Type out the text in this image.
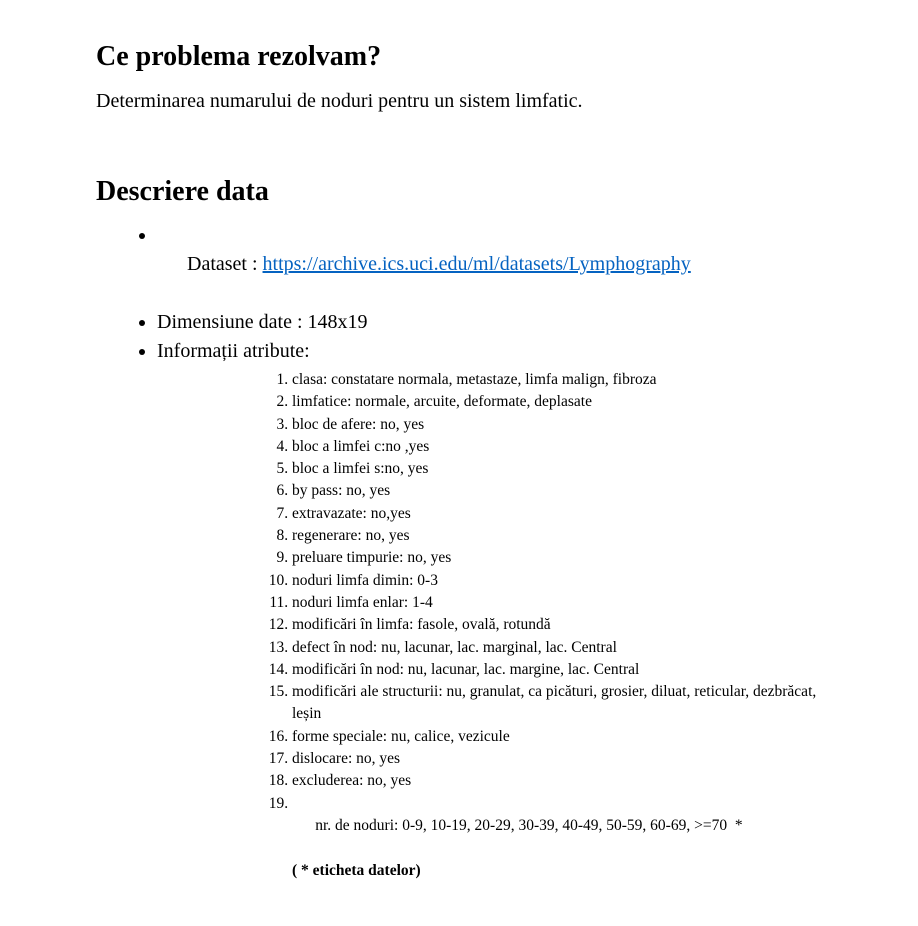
Ce problema rezolvam?

Determinarea numarului de noduri pentru un sistem limfatic.

Descriere data

• Dataset : https://archive.ics.uci.edu/ml/datasets/Lymphography

• Dimensiune date : 148x19
• Informații atribute:
1. clasa: constatare normala, metastaze, limfa malign, fibroza
2. limfatice: normale, arcuite, deformate, deplasate
3. bloc de afere: no, yes
4. bloc a limfei c:no ,yes
5. bloc a limfei s:no, yes
6. by pass: no, yes
7. extravazate: no,yes
8. regenerare: no, yes
9. preluare timpurie: no, yes
10. noduri limfa dimin: 0-3
11. noduri limfa enlar: 1-4
12. modificări în limfa: fasole, ovală, rotundă
13. defect în nod: nu, lacunar, lac. marginal, lac. Central
14. modificări în nod: nu, lacunar, lac. margine, lac. Central
15. modificări ale structurii: nu, granulat, ca picături, grosier, diluat, reticular, dezbrăcat, leșin
16. forme speciale: nu, calice, vezicule
17. dislocare: no, yes
18. excluderea: no, yes

19. nr. de noduri: 0-9, 10-19, 20-29, 30-39, 40-49, 50-59, 60-69, >=70  *

( * eticheta datelor)
